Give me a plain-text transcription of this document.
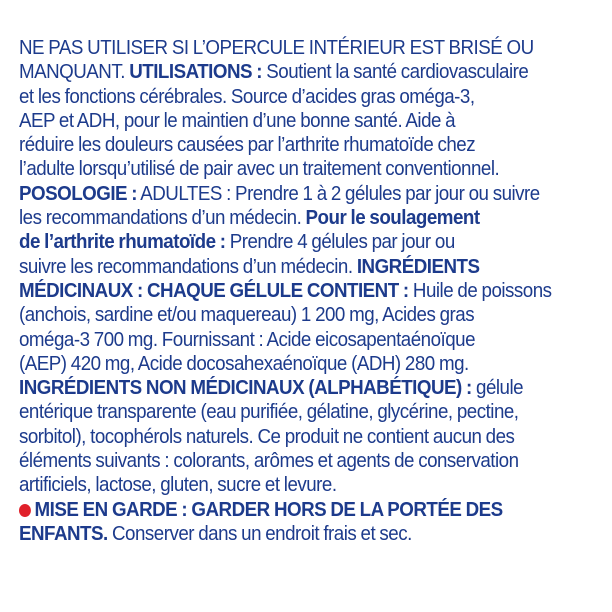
NE PAS UTILISER SI L’OPERCULE INTÉRIEUR EST BRISÉ OU
MANQUANT. UTILISATIONS : Soutient la santé cardiovasculaire
et les fonctions cérébrales. Source d’acides gras oméga-3,
AEP et ADH, pour le maintien d’une bonne santé. Aide à
réduire les douleurs causées par l’arthrite rhumatoïde chez
l’adulte lorsqu’utilisé de pair avec un traitement conventionnel.
POSOLOGIE : ADULTES : Prendre 1 à 2 gélules par jour ou suivre
les recommandations d’un médecin. Pour le soulagement
de l’arthrite rhumatoïde : Prendre 4 gélules par jour ou
suivre les recommandations d’un médecin. INGRÉDIENTS
MÉDICINAUX : CHAQUE GÉLULE CONTIENT : Huile de poissons
(anchois, sardine et/ou maquereau) 1 200 mg, Acides gras
oméga-3 700 mg. Fournissant : Acide eicosapentaénoïque
(AEP) 420 mg, Acide docosahexaénoïque (ADH) 280 mg.
INGRÉDIENTS NON MÉDICINAUX (ALPHABÉTIQUE) : gélule
entérique transparente (eau purifiée, gélatine, glycérine, pectine,
sorbitol), tocophérols naturels. Ce produit ne contient aucun des
éléments suivants : colorants, arômes et agents de conservation
artificiels, lactose, gluten, sucre et levure.
MISE EN GARDE : GARDER HORS DE LA PORTÉE DES
ENFANTS. Conserver dans un endroit frais et sec.
